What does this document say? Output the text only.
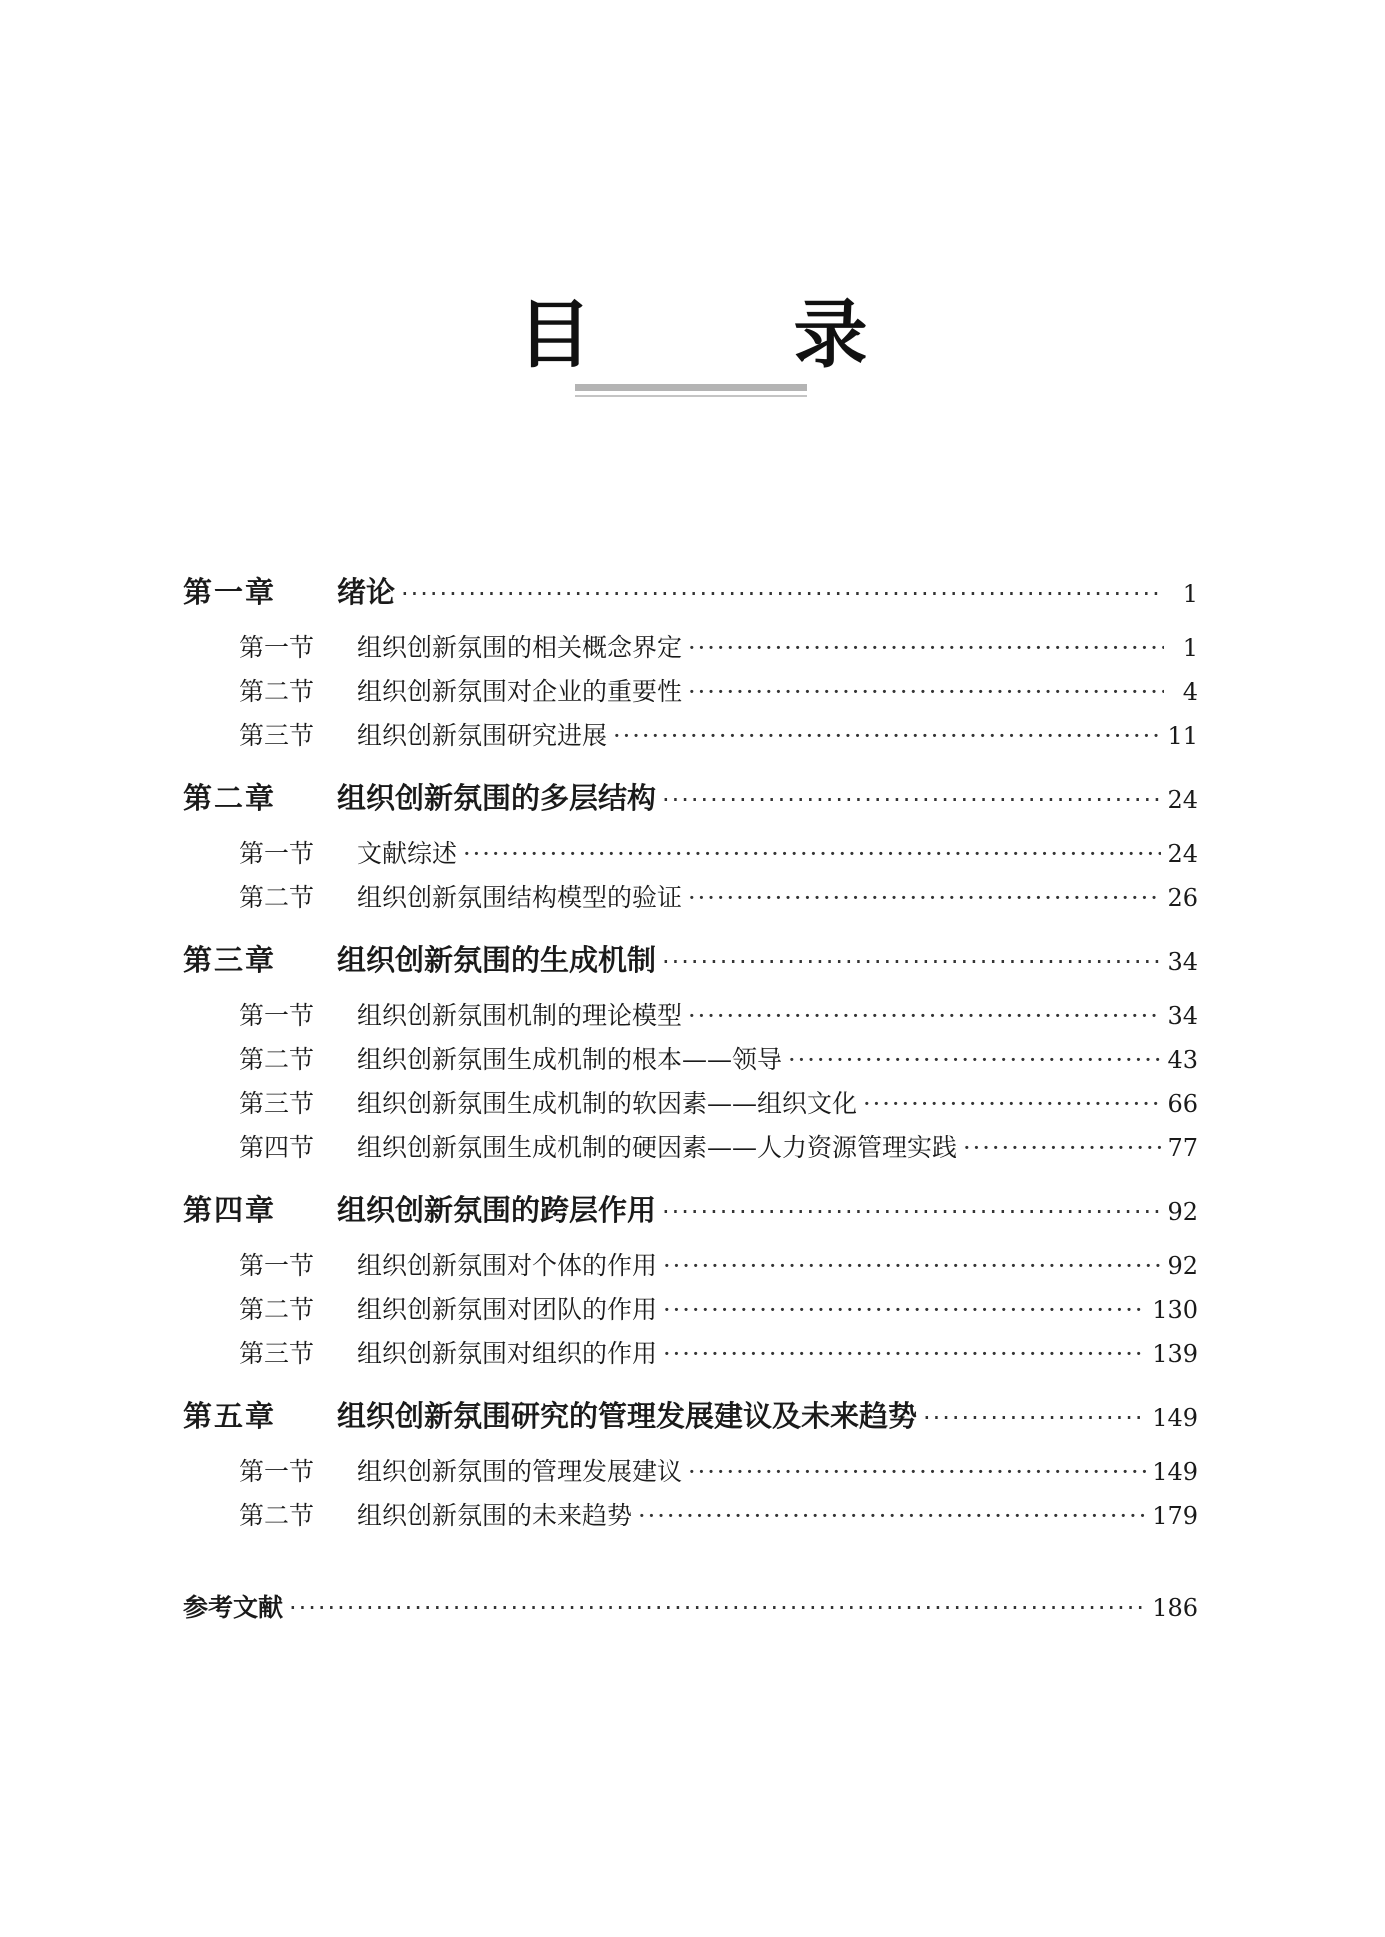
目　录
第一章	绪论 ·····	1
第一节	组织创新氛围的相关概念界定 ·····	1
第二节	组织创新氛围对企业的重要性 ·····	4
第三节	组织创新氛围研究进展 ·····	11
第二章	组织创新氛围的多层结构 ·····	24
第一节	文献综述 ·····	24
第二节	组织创新氛围结构模型的验证 ·····	26
第三章	组织创新氛围的生成机制 ·····	34
第一节	组织创新氛围机制的理论模型 ·····	34
第二节	组织创新氛围生成机制的根本——领导 ·····	43
第三节	组织创新氛围生成机制的软因素——组织文化 ·····	66
第四节	组织创新氛围生成机制的硬因素——人力资源管理实践 ·····	77
第四章	组织创新氛围的跨层作用 ·····	92
第一节	组织创新氛围对个体的作用 ·····	92
第二节	组织创新氛围对团队的作用 ·····	130
第三节	组织创新氛围对组织的作用 ·····	139
第五章	组织创新氛围研究的管理发展建议及未来趋势 ·····	149
第一节	组织创新氛围的管理发展建议 ·····	149
第二节	组织创新氛围的未来趋势 ·····	179
参考文献 ·····	186
